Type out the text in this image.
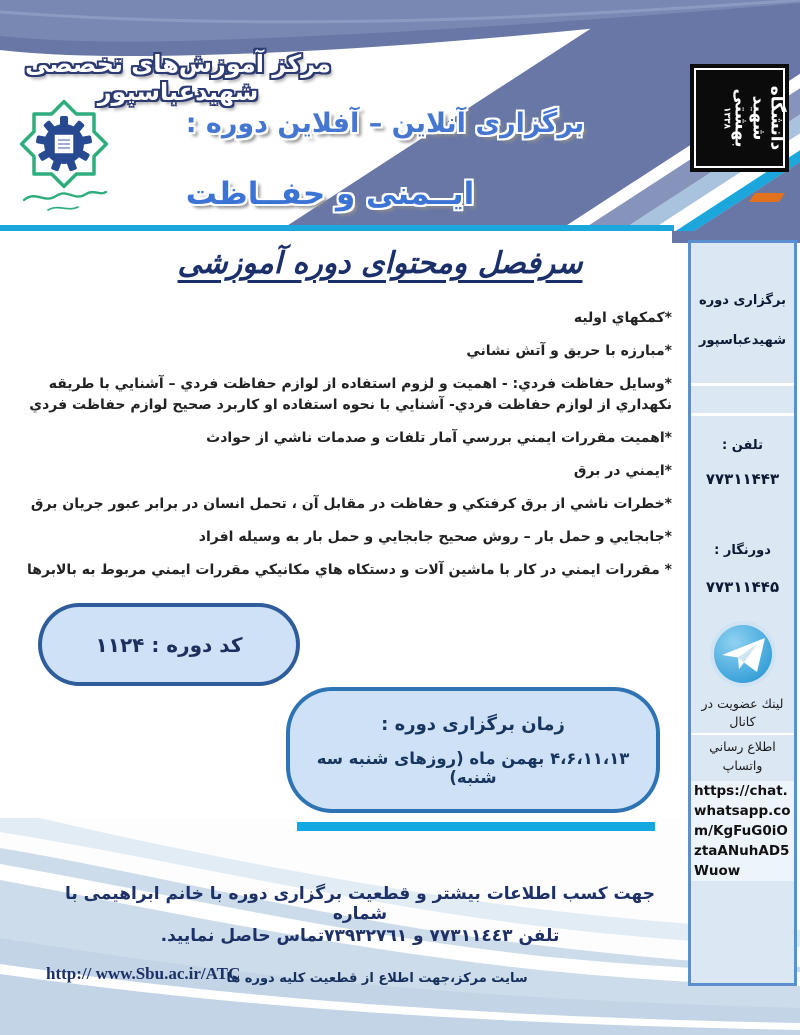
دانشگاه
شهید
بهشتی
۱۳۳۸
مرکز آموزش‌های تخصصی شهیدعباسپور
برگزاری آنلاین – آفلاین دوره :
ایــمنی و حفــاظت
سرفصل ومحتوای دوره آموزشی
*كمكهاي اوليه
*مبارزه با حريق و آتش نشاني
*وسايل حفاظت فردي: - اهميت و لزوم استفاده از لوازم حفاظت فردي – آشنايي با طريقه نكهداري از لوازم حفاظت فردي- آشنايي با نحوه استفاده او كاربرد صحيح لوازم حفاظت فردي
*اهميت مقررات ايمني بررسي آمار تلفات و صدمات ناشي از حوادث
*ايمني در برق
*خطرات ناشي از برق كرفتكي و حفاظت در مقابل آن ، تحمل انسان در برابر عبور جريان برق
*جابجايي و حمل بار – روش صحيح جابجايي و حمل بار به وسيله افراد
* مقررات ايمني در كار با ماشين آلات و دستكاه هاي مكانيكي مقررات ايمني مربوط به بالابرها
کد دوره : ۱۱۲۴
زمان برگزاری دوره :
۴،۶،۱۱،۱۳ بهمن ماه (روزهای شنبه سه شنبه)
جهت کسب اطلاعات بیشتر و قطعیت برگزاری دوره با خانم ابراهیمی با شماره
تلفن ٧٧٣١١٤٤٣ و ٧٣٩٣٢٧٦١تماس حاصل نمایید.
سایت مرکز،جهت اطلاع از قطعیت کلیه دوره ها
http:// www.Sbu.ac.ir/ATC
برگزاری دوره
شهیدعباسپور
تلفن :
۷۷۳۱۱۴۴۳
دورنگار :
۷۷۳۱۱۴۴۵
لینك عضویت در
كانال
اطلاع رساني
واتساپ
https://chat.whatsapp.com/KgFuG0iOztaANuhAD5Wuow
